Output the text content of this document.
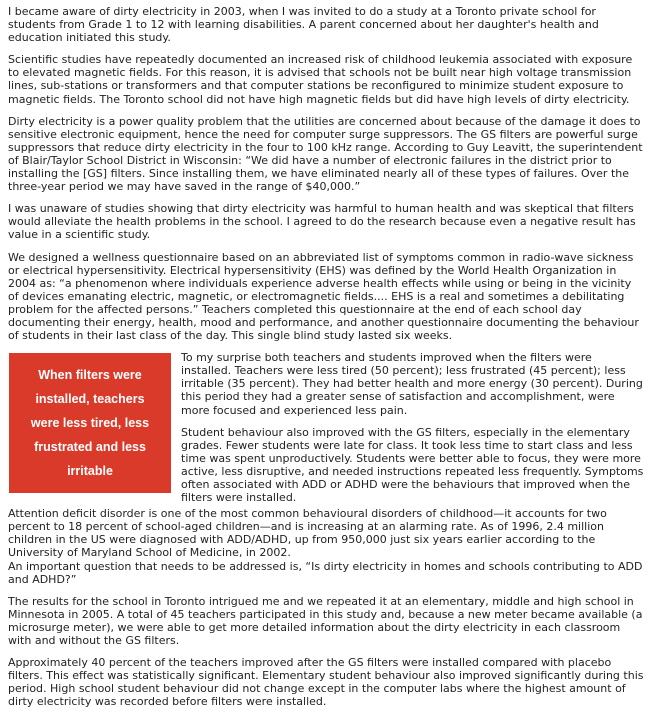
I became aware of dirty electricity in 2003, when I was invited to do a study at a Toronto private school for students from Grade 1 to 12 with learning disabilities. A parent concerned about her daughter's health and education initiated this study.

Scientific studies have repeatedly documented an increased risk of childhood leukemia associated with exposure to elevated magnetic fields. For this reason, it is advised that schools not be built near high voltage transmission lines, sub-stations or transformers and that computer stations be reconfigured to minimize student exposure to magnetic fields. The Toronto school did not have high magnetic fields but did have high levels of dirty electricity.

Dirty electricity is a power quality problem that the utilities are concerned about because of the damage it does to sensitive electronic equipment, hence the need for computer surge suppressors. The GS filters are powerful surge suppressors that reduce dirty electricity in the four to 100 kHz range. According to Guy Leavitt, the superintendent of Blair/Taylor School District in Wisconsin: “We did have a number of electronic failures in the district prior to installing the [GS] filters. Since installing them, we have eliminated nearly all of these types of failures. Over the three-year period we may have saved in the range of $40,000.”

I was unaware of studies showing that dirty electricity was harmful to human health and was skeptical that filters would alleviate the health problems in the school. I agreed to do the research because even a negative result has value in a scientific study.

We designed a wellness questionnaire based on an abbreviated list of symptoms common in radio-wave sickness or electrical hypersensitivity. Electrical hypersensitivity (EHS) was defined by the World Health Organization in 2004 as: “a phenomenon where individuals experience adverse health effects while using or being in the vicinity of devices emanating electric, magnetic, or electromagnetic fields.... EHS is a real and sometimes a debilitating problem for the affected persons.” Teachers completed this questionnaire at the end of each school day documenting their energy, health, mood and performance, and another questionnaire documenting the behaviour of students in their last class of the day. This single blind study lasted six weeks.

When filters were installed, teachers were less tired, less frustrated and less irritable

To my surprise both teachers and students improved when the filters were installed. Teachers were less tired (50 percent); less frustrated (45 percent); less irritable (35 percent). They had better health and more energy (30 percent). During this period they had a greater sense of satisfaction and accomplishment, were more focused and experienced less pain.

Student behaviour also improved with the GS filters, especially in the elementary grades. Fewer students were late for class. It took less time to start class and less time was spent unproductively. Students were better able to focus, they were more active, less disruptive, and needed instructions repeated less frequently. Symptoms often associated with ADD or ADHD were the behaviours that improved when the filters were installed.

Attention deficit disorder is one of the most common behavioural disorders of childhood—it accounts for two percent to 18 percent of school-aged children—and is increasing at an alarming rate. As of 1996, 2.4 million children in the US were diagnosed with ADD/ADHD, up from 950,000 just six years earlier according to the University of Maryland School of Medicine, in 2002.

An important question that needs to be addressed is, “Is dirty electricity in homes and schools contributing to ADD and ADHD?”

The results for the school in Toronto intrigued me and we repeated it at an elementary, middle and high school in Minnesota in 2005. A total of 45 teachers participated in this study and, because a new meter became available (a microsurge meter), we were able to get more detailed information about the dirty electricity in each classroom with and without the GS filters.

Approximately 40 percent of the teachers improved after the GS filters were installed compared with placebo filters. This effect was statistically significant. Elementary student behaviour also improved significantly during this period. High school student behaviour did not change except in the computer labs where the highest amount of dirty electricity was recorded before filters were installed.
